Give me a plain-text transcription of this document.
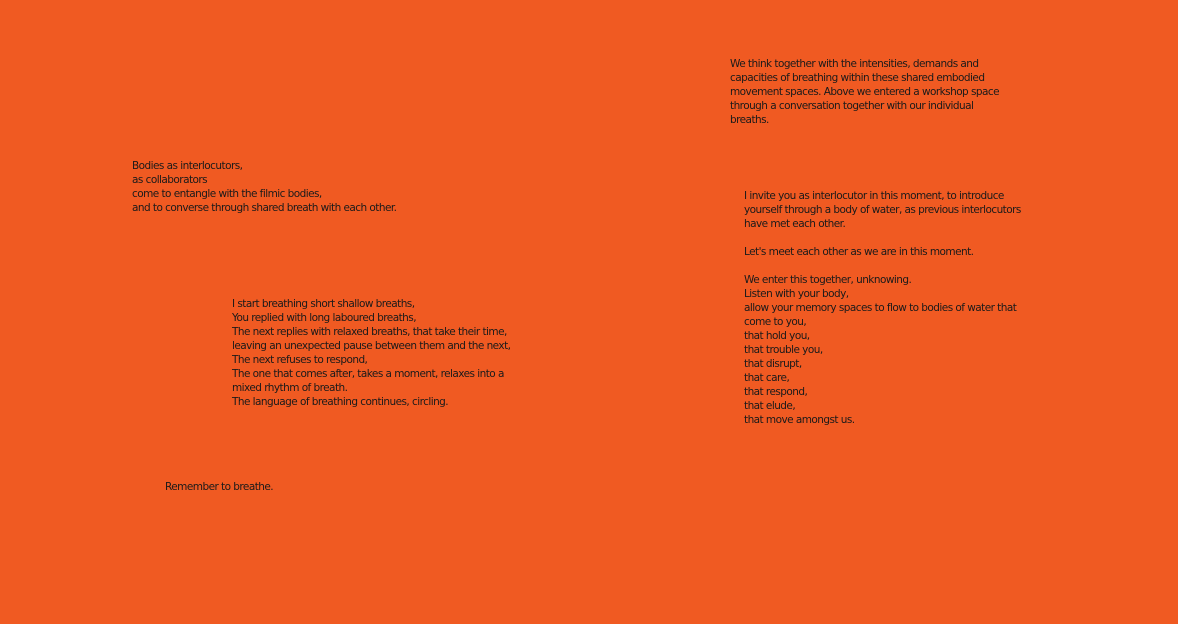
We think together with the intensities, demands and
capacities of breathing within these shared embodied
movement spaces. Above we entered a workshop space
through a conversation together with our individual
breaths.
Bodies as interlocutors,
as collaborators
come to entangle with the filmic bodies,
and to converse through shared breath with each other.
I invite you as interlocutor in this moment, to introduce
yourself through a body of water, as previous interlocutors
have met each other.
Let's meet each other as we are in this moment.
We enter this together, unknowing.
Listen with your body,
allow your memory spaces to flow to bodies of water that
come to you,
that hold you,
that trouble you,
that disrupt,
that care,
that respond,
that elude,
that move amongst us.
I start breathing short shallow breaths,
You replied with long laboured breaths,
The next replies with relaxed breaths, that take their time,
leaving an unexpected pause between them and the next,
The next refuses to respond,
The one that comes after, takes a moment, relaxes into a
mixed rhythm of breath.
The language of breathing continues, circling.
Remember to breathe.
